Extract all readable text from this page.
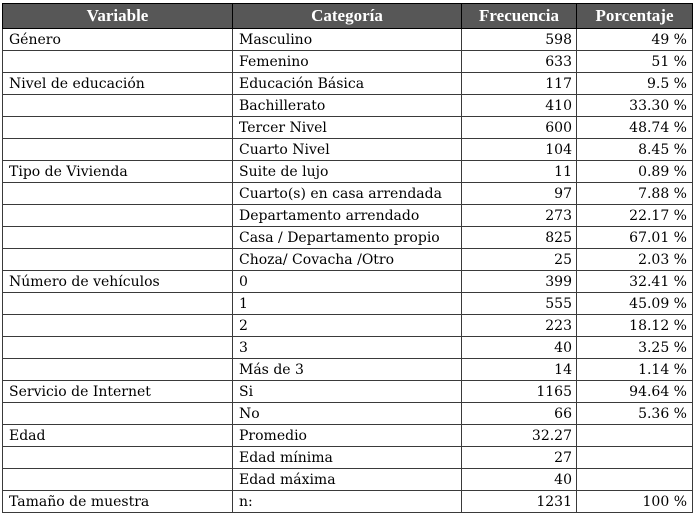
Variable	Categoría	Frecuencia	Porcentaje
Género	Masculino	598	49 %
	Femenino	633	51 %
Nivel de educación	Educación Básica	117	9.5 %
	Bachillerato	410	33.30 %
	Tercer Nivel	600	48.74 %
	Cuarto Nivel	104	8.45 %
Tipo de Vivienda	Suite de lujo	11	0.89 %
	Cuarto(s) en casa arrendada	97	7.88 %
	Departamento arrendado	273	22.17 %
	Casa / Departamento propio	825	67.01 %
	Choza/ Covacha /Otro	25	2.03 %
Número de vehículos	0	399	32.41 %
	1	555	45.09 %
	2	223	18.12 %
	3	40	3.25 %
	Más de 3	14	1.14 %
Servicio de Internet	Si	1165	94.64 %
	No	66	5.36 %
Edad	Promedio	32.27	
	Edad mínima	27	
	Edad máxima	40	
Tamaño de muestra	n:	1231	100 %
